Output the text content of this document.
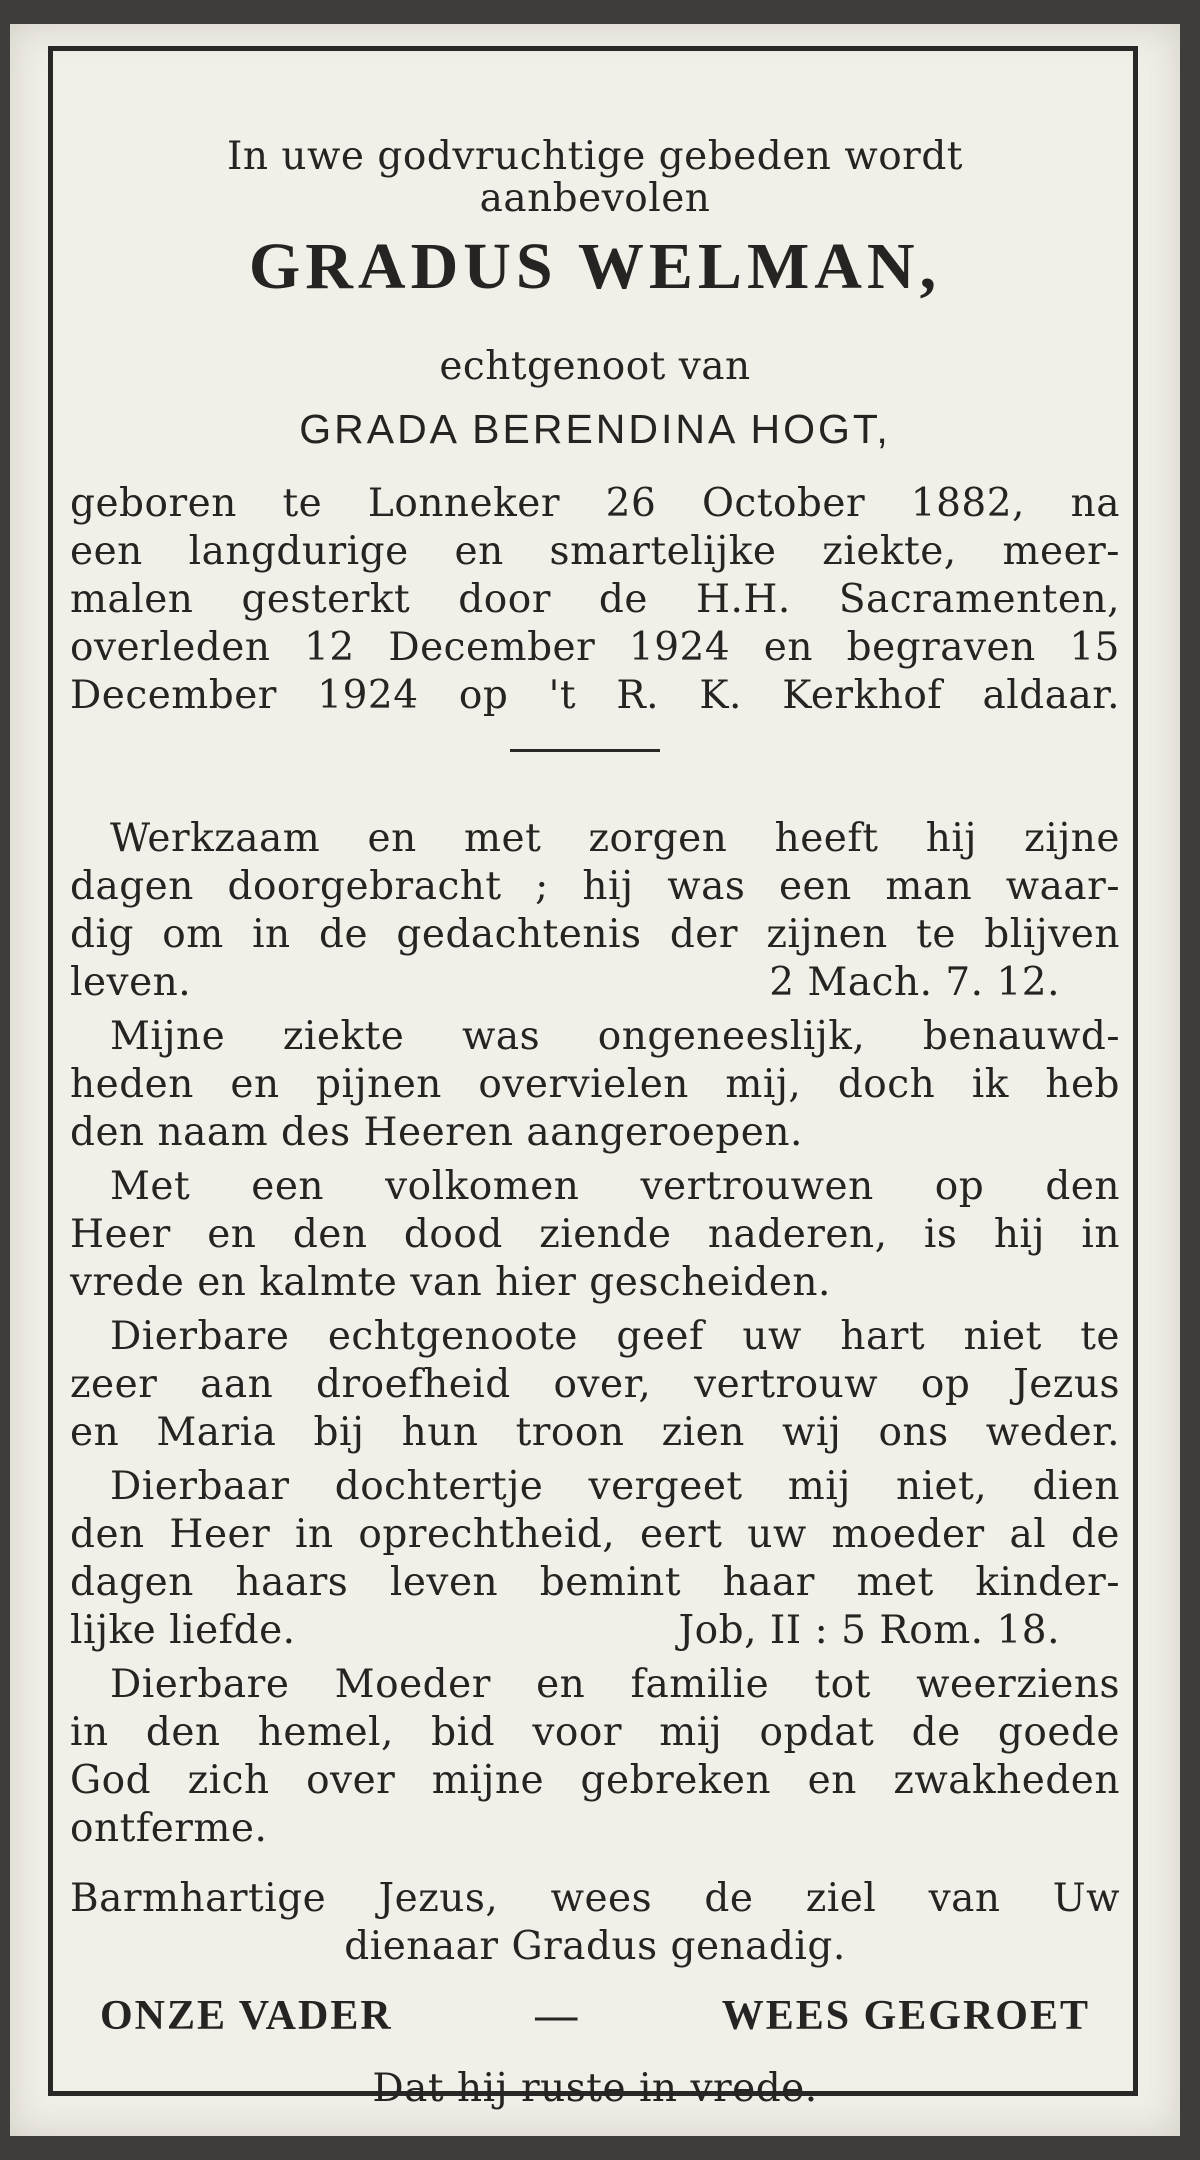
In uwe godvruchtige gebeden wordt

aanbevolen

GRADUS WELMAN,

echtgenoot van

GRADA BERENDINA HOGT,

geboren te Lonneker 26 October 1882, na

een langdurige en smartelijke ziekte, meer-

malen gesterkt door de H.H. Sacramenten,

overleden 12 December 1924 en begraven 15

December 1924 op 't R. K. Kerkhof aldaar.

Werkzaam en met zorgen heeft hij zijne

dagen doorgebracht ; hij was een man waar-

dig om in de gedachtenis der zijnen te blijven

leven.	2 Mach. 7. 12.

Mijne ziekte was ongeneeslijk, benauwd-

heden en pijnen overvielen mij, doch ik heb

den naam des Heeren aangeroepen.

Met een volkomen vertrouwen op den

Heer en den dood ziende naderen, is hij in

vrede en kalmte van hier gescheiden.

Dierbare echtgenoote geef uw hart niet te

zeer aan droefheid over, vertrouw op Jezus

en Maria bij hun troon zien wij ons weder.

Dierbaar dochtertje vergeet mij niet, dien

den Heer in oprechtheid, eert uw moeder al de

dagen haars leven bemint haar met kinder-

lijke liefde.	Job, II : 5 Rom. 18.

Dierbare Moeder en familie tot weerziens

in den hemel, bid voor mij opdat de goede

God zich over mijne gebreken en zwakheden

ontferme.

Barmhartige Jezus, wees de ziel van Uw

dienaar Gradus genadig.

ONZE VADER	—	WEES GEGROET

Dat hij ruste in vrede.
